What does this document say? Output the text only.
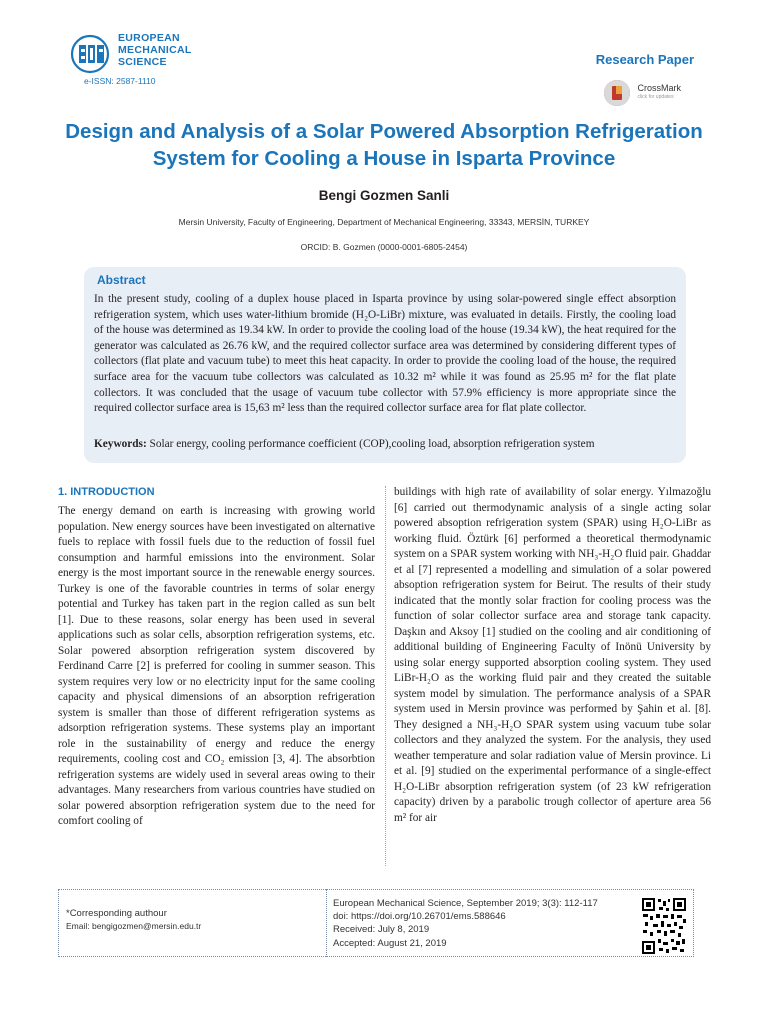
EUROPEAN
MECHANICAL
SCIENCE
e-ISSN: 2587-1110
Research Paper
CrossMark
click for updates
Design and Analysis of a Solar Powered Absorption Refrigeration
System for Cooling a House in Isparta Province
Bengi Gozmen Sanli
Mersin University, Faculty of Engineering, Department of Mechanical Engineering, 33343, MERSİN, TURKEY
ORCID: B. Gozmen (0000-0001-6805-2454)
Abstract
In the present study, cooling of a duplex house placed in Isparta province by using solar-powered single effect absorption refrigeration system, which uses water-lithium bromide (H₂O-LiBr) mixture, was evaluated in details. Firstly, the cooling load of the house was determined as 19.34 kW. In order to provide the cooling load of the house (19.34 kW), the heat required for the generator was calculated as 26.76 kW, and the required collector surface area was determined by considering different types of collectors (flat plate and vacuum tube) to meet this heat capacity. In order to provide the cooling load of the house, the required surface area for the vacuum tube collectors was calculated as 10.32 m² while it was found as 25.95 m² for the flat plate collectors. It was concluded that the usage of vacuum tube collector with 57.9% efficiency is more appropriate since the required collector surface area is 15,63 m² less than the required collector surface area for flat plate collector.
Keywords: Solar energy, cooling performance coefficient (COP),cooling load, absorption refrigeration system
1. INTRODUCTION
The energy demand on earth is increasing with growing world population. New energy sources have been investigated on alternative fuels to replace with fossil fuels due to the reduction of fossil fuel consumption and harmful emissions into the environment. Solar energy is the most important source in the renewable energy sources. Turkey is one of the favorable countries in terms of solar energy potential and Turkey has taken part in the region called as sun belt [1]. Due to these reasons, solar energy has been used in several applications such as solar cells, absorption refrigeration systems, etc. Solar powered absorption refrigeration system discovered by Ferdinand Carre [2] is preferred for cooling in summer season. This system requires very low or no electricity input for the same cooling capacity and physical dimensions of an absorption refrigeration system is smaller than those of different refrigeration systems as adsorption refrigeration systems. These systems play an important role in the sustainability of energy and reduce the energy requirements, cooling cost and CO₂ emission [3, 4]. The absorbtion refrigeration systems are widely used in several areas owing to their advantages. Many researchers from various countries have studied on solar powered absorption refrigeration system due to the need for comfort cooling of
buildings with high rate of availability of solar energy. Yılmazoğlu [6] carried out thermodynamic analysis of a single acting solar powered absoption refrigeration system (SPAR) using H₂O-LiBr as working fluid. Öztürk [6] performed a theoretical thermodynamic system on a SPAR system working with NH₃-H₂O fluid pair. Ghaddar et al [7] represented a modelling and simulation of a solar powered absoption refrigeration system for Beirut. The results of their study indicated that the montly solar fraction for cooling process was the function of solar collector surface area and storage tank capacity. Daşkın and Aksoy [1] studied on the cooling and air conditioning of additional building of Engineering Faculty of Inönü University by using solar energy supported absorption cooling system. They used LiBr-H₂O as the working fluid pair and they created the suitable system model by simulation. The performance analysis of a SPAR system used in Mersin province was performed by Şahin et al. [8]. They designed a NH₃-H₂O SPAR system using vacuum tube solar collectors and they analyzed the system. For the analysis, they used weather temperature and solar radiation value of Mersin province. Li et al. [9] studied on the experimental performance of a single-effect H₂O-LiBr absorption refrigeration system (of 23 kW refrigeration capacity) driven by a parabolic trough collector of aperture area 56 m² for air
*Corresponding authour
Email: bengigozmen@mersin.edu.tr
European Mechanical Science, September 2019; 3(3): 112-117
doi: https://doi.org/10.26701/ems.588646
Received: July 8, 2019
Accepted: August 21, 2019
